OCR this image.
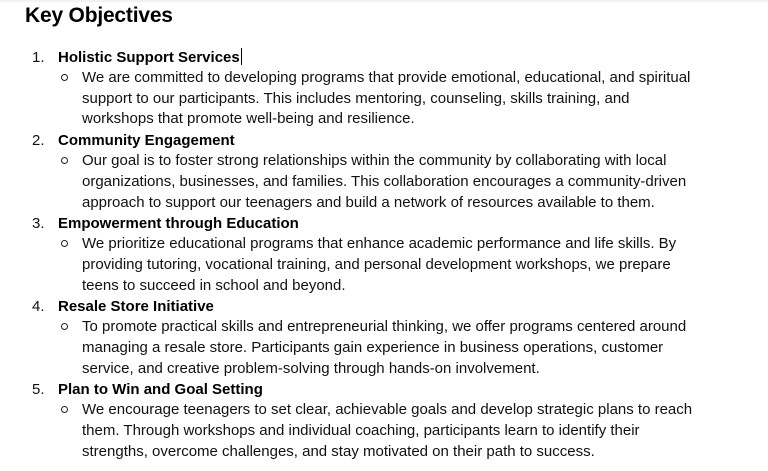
Key Objectives
1. Holistic Support Services
We are committed to developing programs that provide emotional, educational, and spiritual
support to our participants. This includes mentoring, counseling, skills training, and
workshops that promote well-being and resilience.
2. Community Engagement
Our goal is to foster strong relationships within the community by collaborating with local
organizations, businesses, and families. This collaboration encourages a community-driven
approach to support our teenagers and build a network of resources available to them.
3. Empowerment through Education
We prioritize educational programs that enhance academic performance and life skills. By
providing tutoring, vocational training, and personal development workshops, we prepare
teens to succeed in school and beyond.
4. Resale Store Initiative
To promote practical skills and entrepreneurial thinking, we offer programs centered around
managing a resale store. Participants gain experience in business operations, customer
service, and creative problem-solving through hands-on involvement.
5. Plan to Win and Goal Setting
We encourage teenagers to set clear, achievable goals and develop strategic plans to reach
them. Through workshops and individual coaching, participants learn to identify their
strengths, overcome challenges, and stay motivated on their path to success.
